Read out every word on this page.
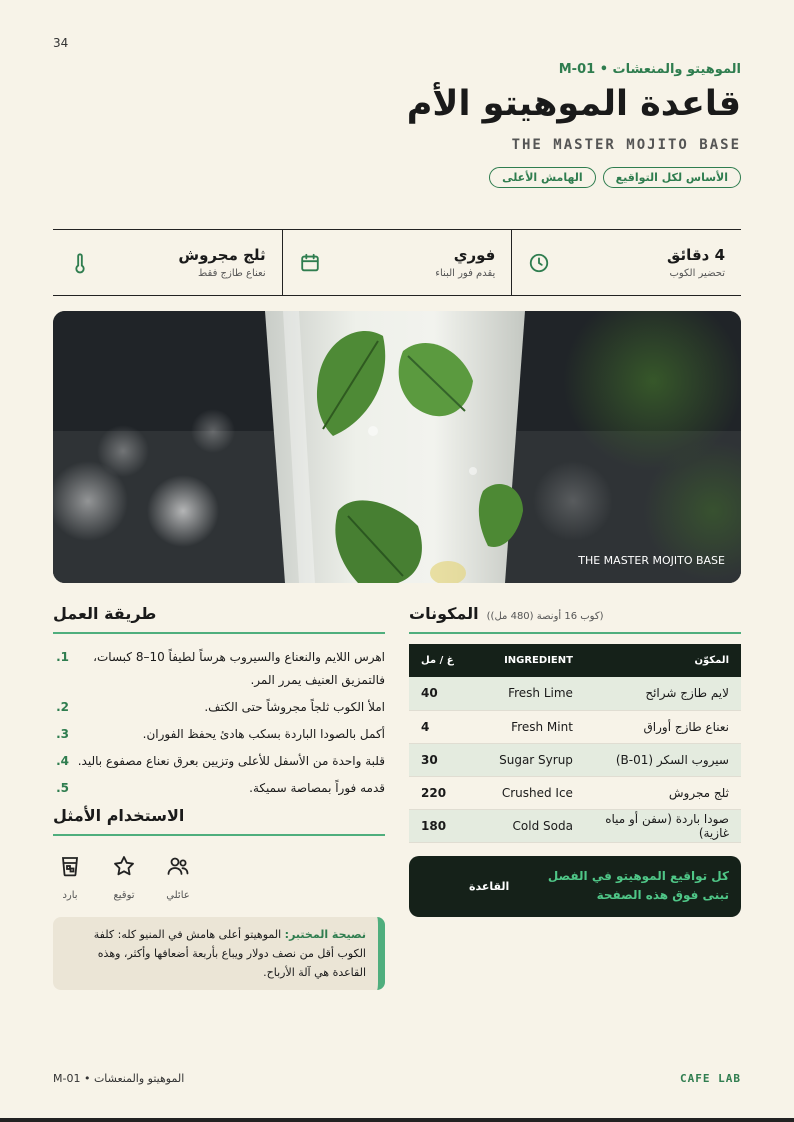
34
الموهيتو والمنعشات • M-01
قاعدة الموهيتو الأم
THE MASTER MOJITO BASE
الأساس لكل التواقيع
الهامش الأعلى
4 دقائق
تحضير الكوب
فوري
يقدم فور البناء
ثلج مجروش
نعناع طازج فقط
THE MASTER MOJITO BASE
المكونات (كوب 16 أونصة (480 مل))
غ / مل	INGREDIENT	المكوّن
40	Fresh Lime	لايم طازج شرائح
4	Fresh Mint	نعناع طازج أوراق
30	Sugar Syrup	سيروب السكر (B-01)
220	Crushed Ice	ثلج مجروش
180	Cold Soda	صودا باردة (سفن أو مياه غازية)
القاعدة
كل تواقيع الموهيتو في الفصل تبنى فوق هذه الصفحة
طريقة العمل
1.	اهرس اللايم والنعناع والسيروب هرساً لطيفاً 10–8 كبسات، فالتمزيق العنيف يمرر المر.
2.	املأ الكوب ثلجاً مجروشاً حتى الكتف.
3.	أكمل بالصودا الباردة بسكب هادئ يحفظ الفوران.
4. قلبة واحدة من الأسفل للأعلى وتزيين بعرق نعناع مصفوع باليد.
5.	قدمه فوراً بمصاصة سميكة.
الاستخدام الأمثل
بارد	توقيع	عائلي
نصيحة المختبر: الموهيتو أعلى هامش في المنيو كله: كلفة الكوب أقل من نصف دولار ويباع بأربعة أضعافها وأكثر، وهذه القاعدة هي آلة الأرباح.
الموهيتو والمنعشات • M-01	CAFE LAB
